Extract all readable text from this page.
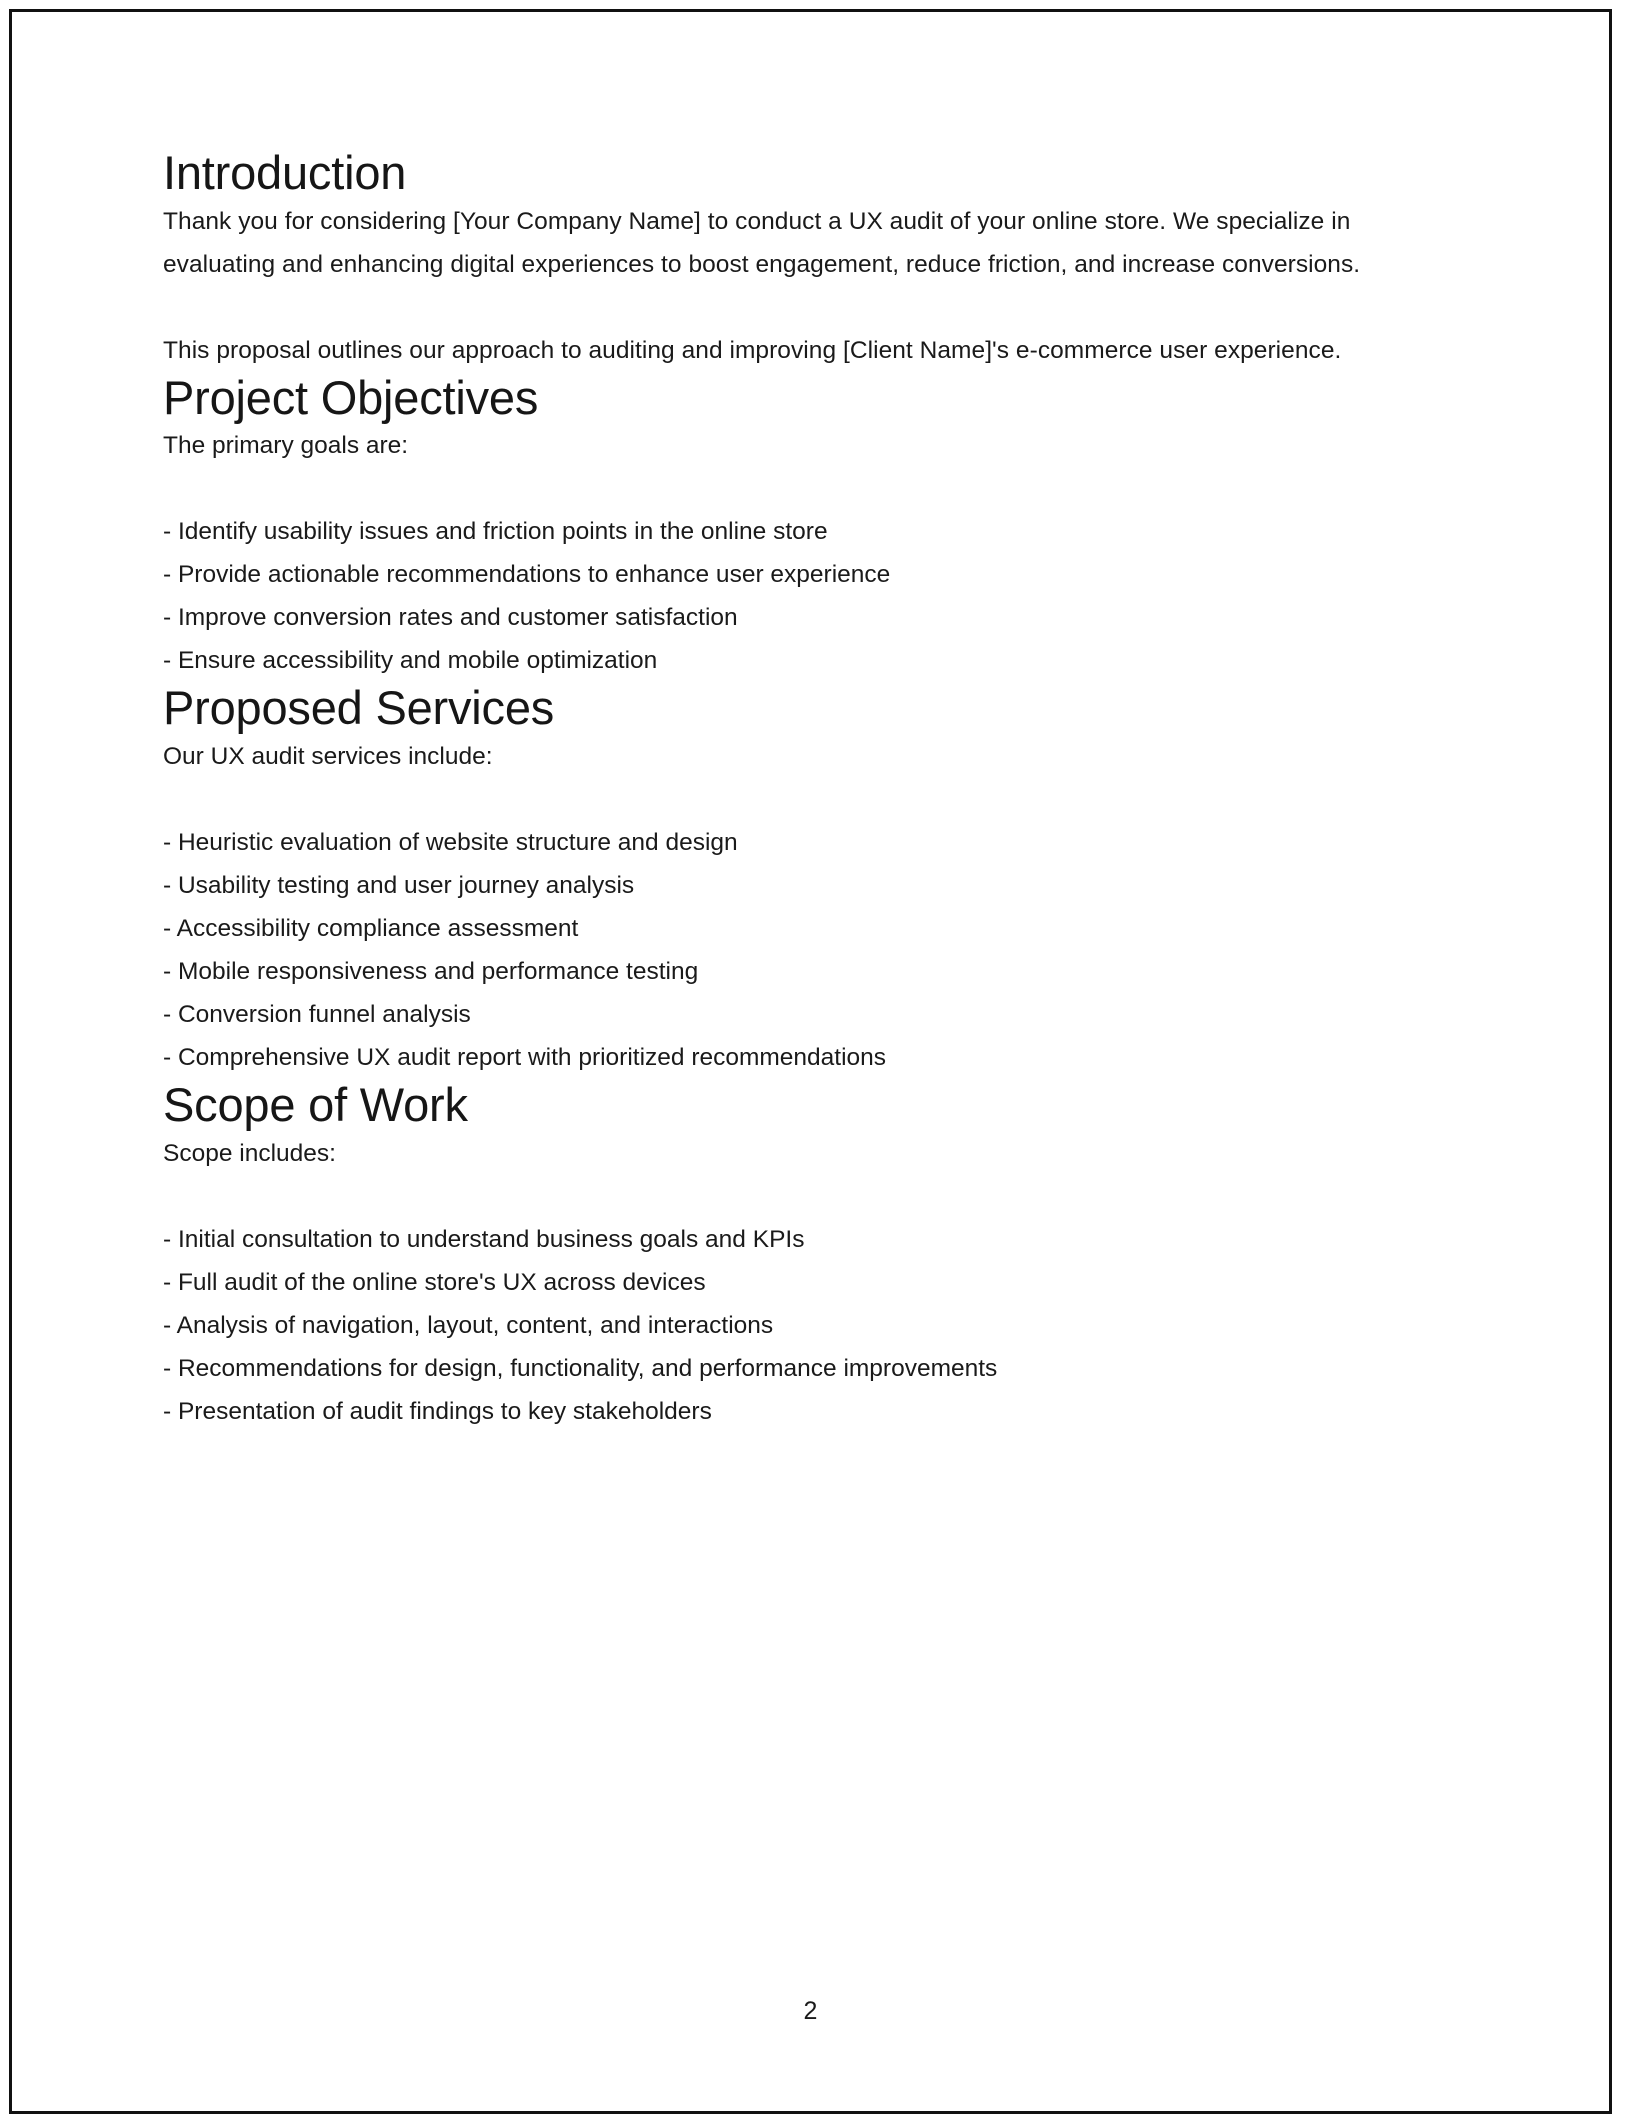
Introduction

Thank you for considering [Your Company Name] to conduct a UX audit of your online store. We specialize in evaluating and enhancing digital experiences to boost engagement, reduce friction, and increase conversions.

This proposal outlines our approach to auditing and improving [Client Name]'s e-commerce user experience.

Project Objectives

The primary goals are:

- Identify usability issues and friction points in the online store
- Provide actionable recommendations to enhance user experience
- Improve conversion rates and customer satisfaction
- Ensure accessibility and mobile optimization
Proposed Services

Our UX audit services include:

- Heuristic evaluation of website structure and design
- Usability testing and user journey analysis
- Accessibility compliance assessment
- Mobile responsiveness and performance testing
- Conversion funnel analysis
- Comprehensive UX audit report with prioritized recommendations
Scope of Work

Scope includes:

- Initial consultation to understand business goals and KPIs
- Full audit of the online store's UX across devices
- Analysis of navigation, layout, content, and interactions
- Recommendations for design, functionality, and performance improvements
- Presentation of audit findings to key stakeholders
2
